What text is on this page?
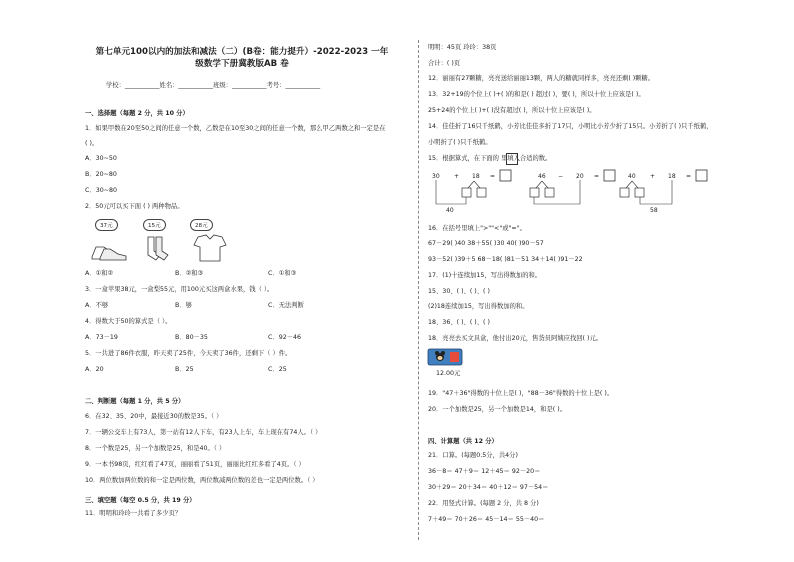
第七单元100以内的加法和减法（二）(B卷：能力提升）-2022-2023 一年
级数学下册冀教版AB 卷
学校：___________姓名：___________班级：___________考号：___________
一、选择题（每题 2 分，共 10 分）
1．如果甲数在20至50之间的任意一个数，乙数是在10至30之间的任意一个数，那么甲乙两数之和一定是在
( )。
A．30~50
B．20~80
C．30~80
2．50元可以买下面 ( ) 两种物品。
37元	15元	28元
A．①和②	B．②和③	C．①和③
3．一盒苹果38元，一盒梨55元，用100元买这两盒水果，钱（ ）。
A．不够	B．够	C．无法判断
4．得数大于50的算式是（ ）。
A．73－19	B．80－35	C．92－46
5．一共进了86件衣服，昨天卖了25件，今天卖了36件，还剩下（ ）件。
A．20	B．25	C．25
二、判断题（每题 1 分，共 5 分）
6．在32、35、20中，最接近30的数是35。（ ）
7．一辆公交车上有73人，第一站有12人下车，有23人上车，车上现在有74人。（ ）
8．一个数是25，另一个加数是25，和是40。（ ）
9．一本书98页，红红看了47页，丽丽看了51页，丽丽比红红多看了4页。（ ）
10．两位数加两位数的和一定是两位数，两位数减两位数的差也一定是两位数。（ ）
三、填空题（每空 0.5 分，共 19 分）
11．明明和玲玲一共看了多少页？
明明：45页 玲玲：38页
合计：( )页
12．丽丽有27颗糖，亮亮送给丽丽13颗，两人的糖就同样多，亮亮还剩( )颗糖。
13．32+19的个位上( )+( )的和是( ) 超过( )，要( )，所以十位上应该是( )。
25+24的个位上( )+( )没有超过( )，所以十位上应该是( )。
14．佳佳折了16只千纸鹤，小芳比佳佳多折了17只，小明比小芳少折了15只。小芳折了( )只千纸鹤，
小明折了( )只千纸鹤。
15．根据算式，在下面的 里填入合适的数。
30 + 18 =
40
46 − 20 =	40 + 18 =
58
16．在括号里填上">""<"或"="。
67－29( )40 38＋55( )30 40( )90－57
93－52( )39＋5 68－18( )81－51 34＋14( )91－22
17．(1)十连续加15，写出得数加的和。
15、30、( )、( )、( )
(2)18连续加15，写出得数加的和。
18、36、( )、( )、( )
18．亮亮去买文具盒，他付出20元，售货员阿姨应找回( )元。
12.00元
19．"47＋36"得数的十位上是( )，"88－36"得数的十位上是( )。
20．一个加数是25，另一个加数是14，和是( )。
四、计算题（共 12 分）
21．口算。(每题0.5分，共4分)
36－8＝ 47＋9＝ 12＋45＝ 92－20＝
30＋29＝ 20＋34＝ 40＋12＝ 97－54＝
22．用竖式计算。(每题 2 分，共 8 分)
7＋49＝ 70＋26＝ 45－14＝ 55－40＝
